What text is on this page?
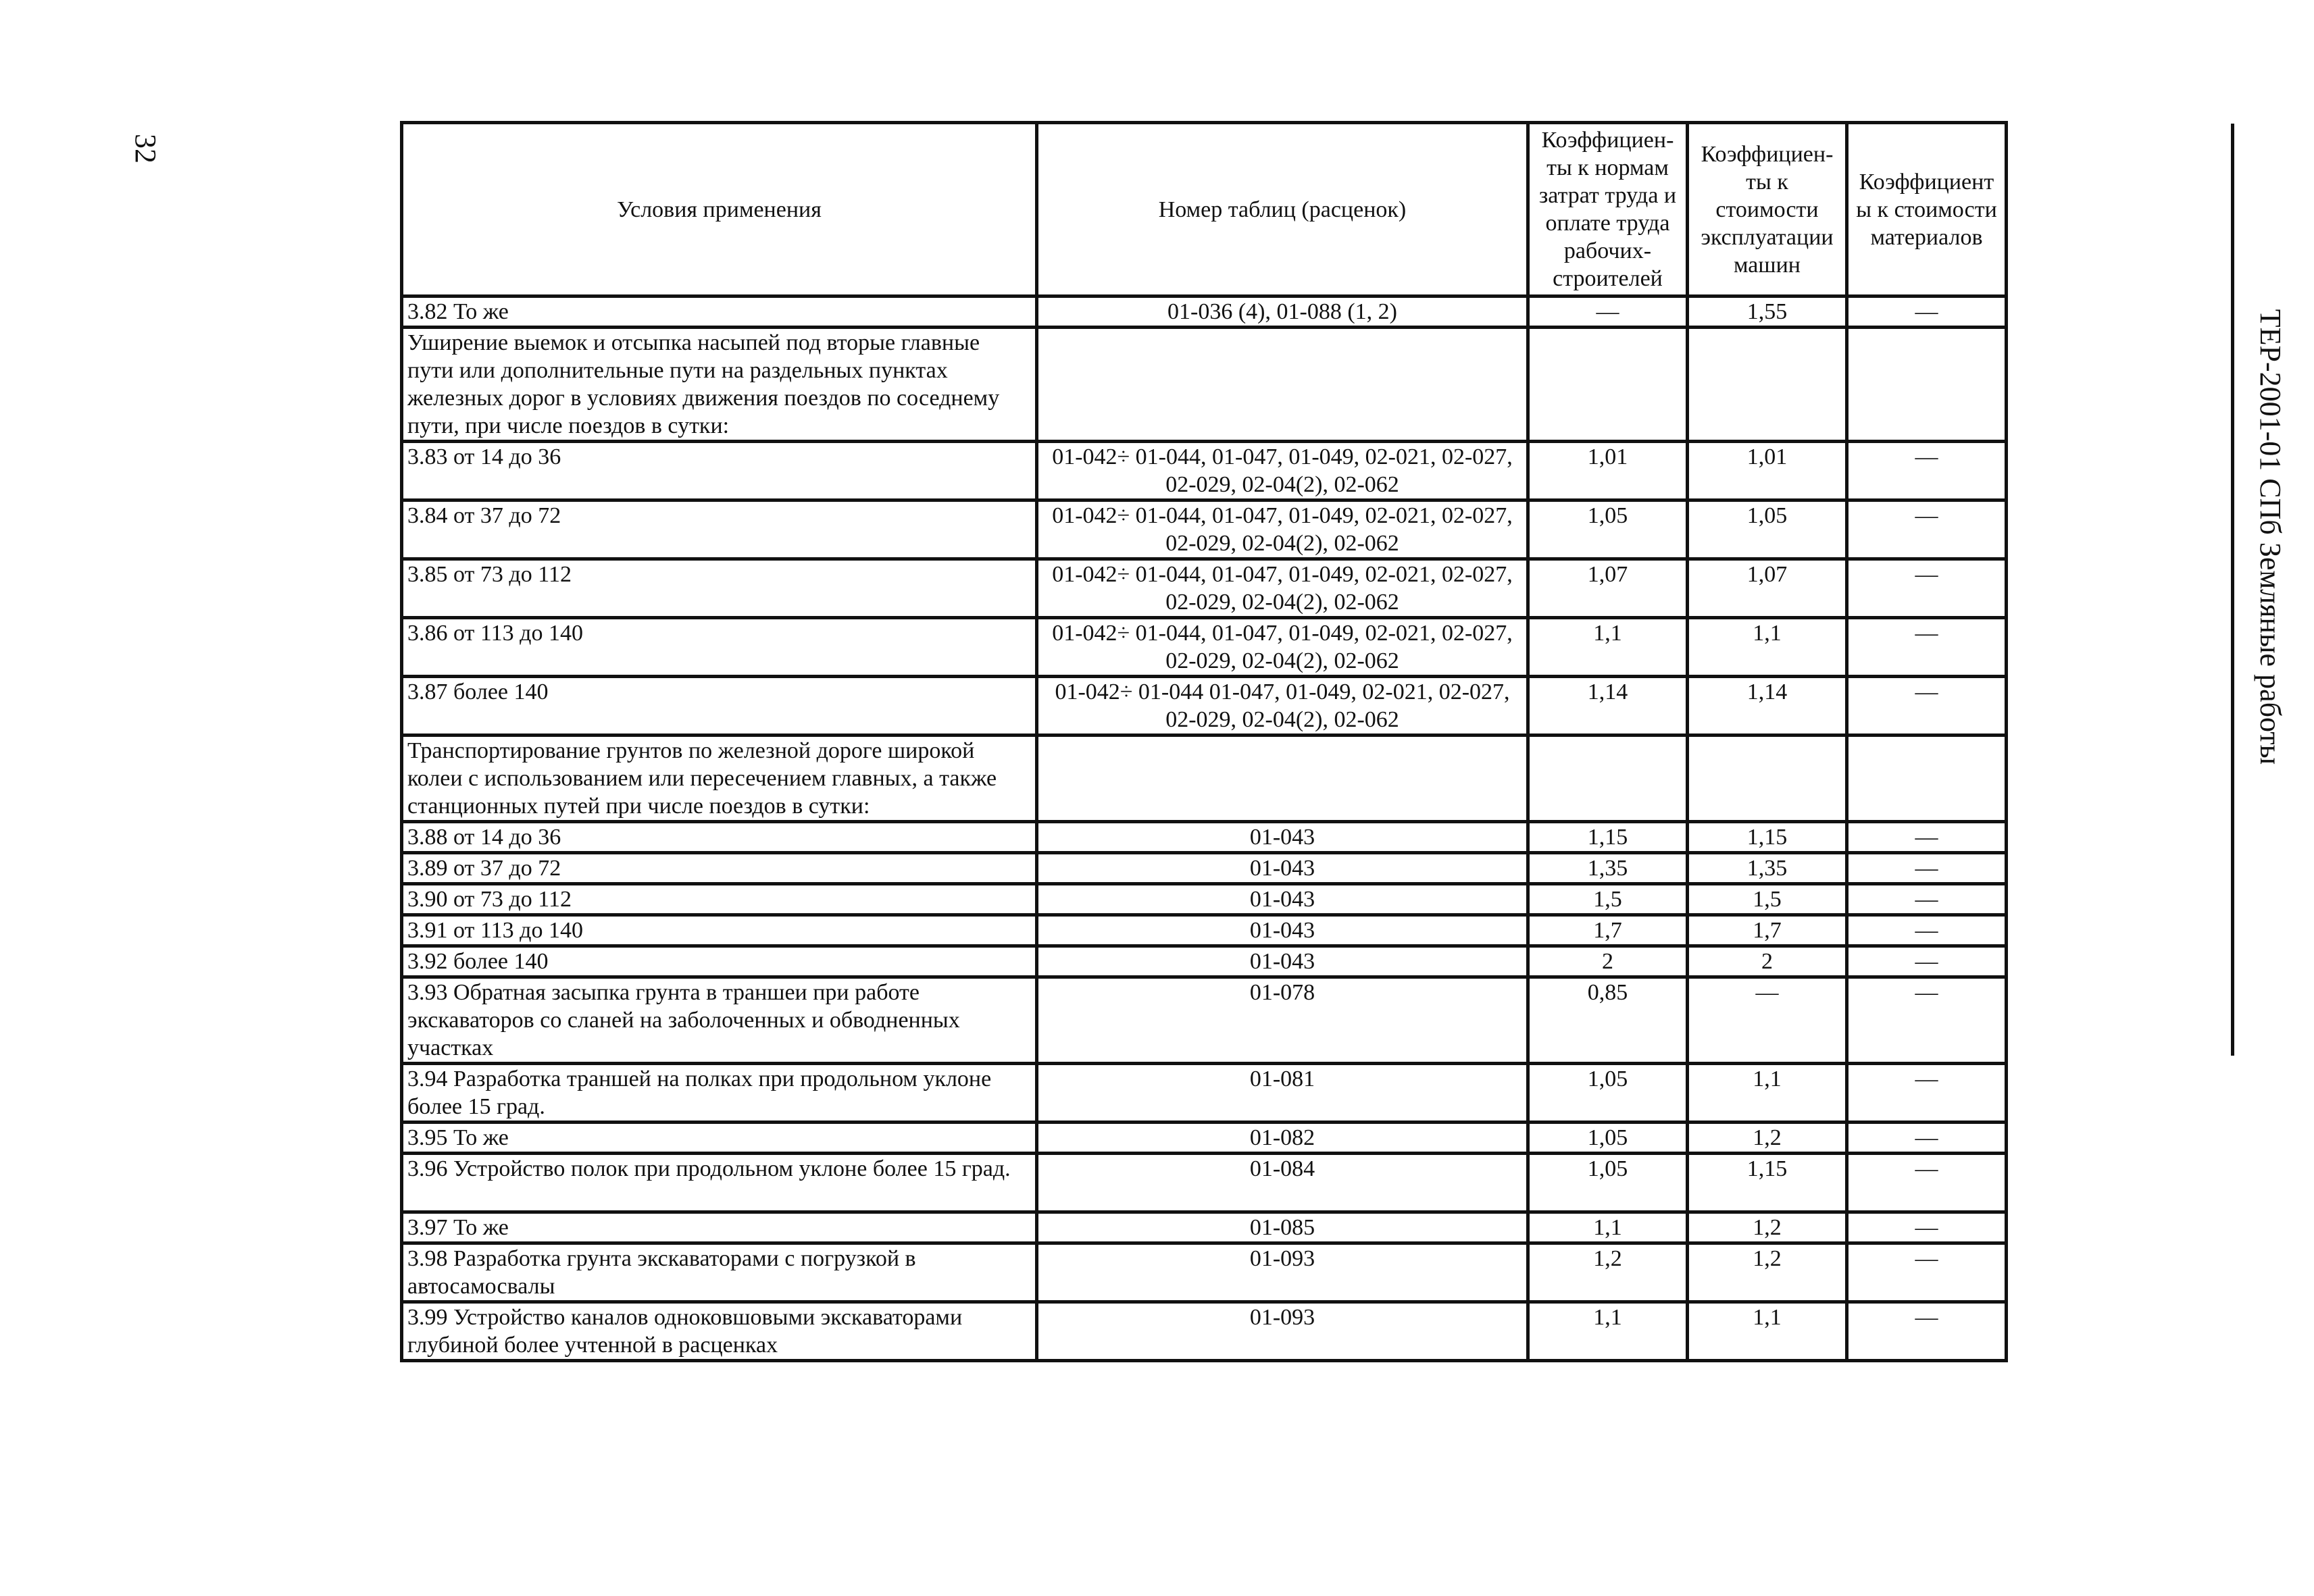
32
ТЕР-2001-01 СПб Земляные работы
Условия применения	Номер таблиц (расценок)	Коэффициен-ты к нормам затрат труда и оплате труда рабочих-строителей	Коэффициен-ты к стоимости эксплуатации машин	Коэффициент ы к стоимости материалов
3.82 То же	01-036 (4), 01-088 (1, 2)	—	1,55	—
Уширение выемок и отсыпка насыпей под вторые главные пути или дополнительные пути на раздельных пунктах железных дорог в условиях движения поездов по соседнему пути, при числе поездов в сутки:				
3.83 от 14 до 36	01-042÷ 01-044, 01-047, 01-049, 02-021, 02-027, 02-029, 02-04(2), 02-062	1,01	1,01	—
3.84 от 37 до 72	01-042÷ 01-044, 01-047, 01-049, 02-021, 02-027, 02-029, 02-04(2), 02-062	1,05	1,05	—
3.85 от 73 до 112	01-042÷ 01-044, 01-047, 01-049, 02-021, 02-027, 02-029, 02-04(2), 02-062	1,07	1,07	—
3.86 от 113 до 140	01-042÷ 01-044, 01-047, 01-049, 02-021, 02-027, 02-029, 02-04(2), 02-062	1,1	1,1	—
3.87 более 140	01-042÷ 01-044 01-047, 01-049, 02-021, 02-027, 02-029, 02-04(2), 02-062	1,14	1,14	—
Транспортирование грунтов по железной дороге широкой колеи с использованием или пересечением главных, а также станционных путей при числе поездов в сутки:				
3.88 от 14 до 36	01-043	1,15	1,15	—
3.89 от 37 до 72	01-043	1,35	1,35	—
3.90 от 73 до 112	01-043	1,5	1,5	—
3.91 от 113 до 140	01-043	1,7	1,7	—
3.92 более 140	01-043	2	2	—
3.93 Обратная засыпка грунта в траншеи при работе экскаваторов со сланей на заболоченных и обводненных участках	01-078	0,85	—	—
3.94 Разработка траншей на полках при продольном уклоне более 15 град.	01-081	1,05	1,1	—
3.95 То же	01-082	1,05	1,2	—
3.96 Устройство полок при продольном уклоне более 15 град.	01-084	1,05	1,15	—
3.97 То же	01-085	1,1	1,2	—
3.98 Разработка грунта экскаваторами с погрузкой в автосамосвалы	01-093	1,2	1,2	—
3.99 Устройство каналов одноковшовыми экскаваторами глубиной более учтенной в расценках	01-093	1,1	1,1	—
